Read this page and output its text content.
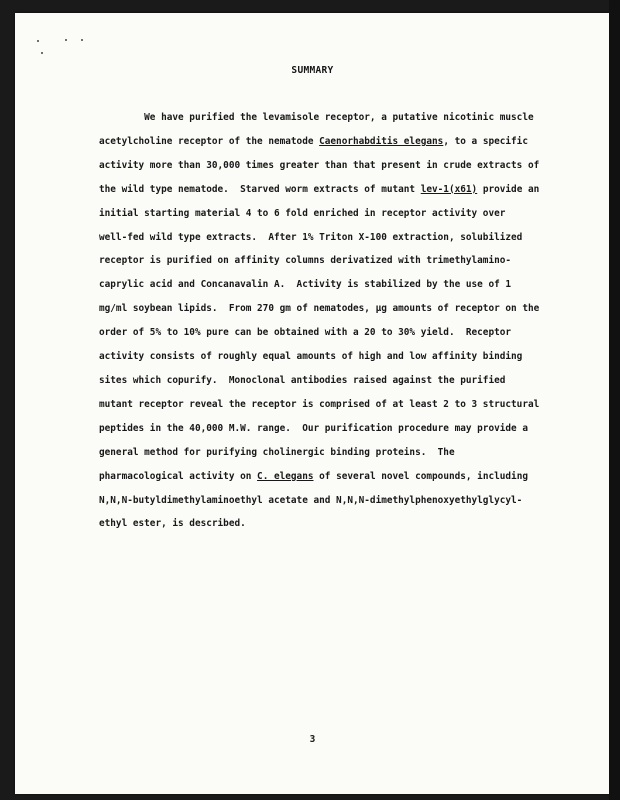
SUMMARY
We have purified the levamisole receptor, a putative nicotinic muscle
acetylcholine receptor of the nematode Caenorhabditis elegans, to a specific
activity more than 30,000 times greater than that present in crude extracts of
the wild type nematode.  Starved worm extracts of mutant lev-1(x61) provide an
initial starting material 4 to 6 fold enriched in receptor activity over
well-fed wild type extracts.  After 1% Triton X-100 extraction, solubilized
receptor is purified on affinity columns derivatized with trimethylamino-
caprylic acid and Concanavalin A.  Activity is stabilized by the use of 1
mg/ml soybean lipids.  From 270 gm of nematodes, μg amounts of receptor on the
order of 5% to 10% pure can be obtained with a 20 to 30% yield.  Receptor
activity consists of roughly equal amounts of high and low affinity binding
sites which copurify.  Monoclonal antibodies raised against the purified
mutant receptor reveal the receptor is comprised of at least 2 to 3 structural
peptides in the 40,000 M.W. range.  Our purification procedure may provide a
general method for purifying cholinergic binding proteins.  The
pharmacological activity on C. elegans of several novel compounds, including
N,N,N-butyldimethylaminoethyl acetate and N,N,N-dimethylphenoxyethylglycyl-
ethyl ester, is described.
3
